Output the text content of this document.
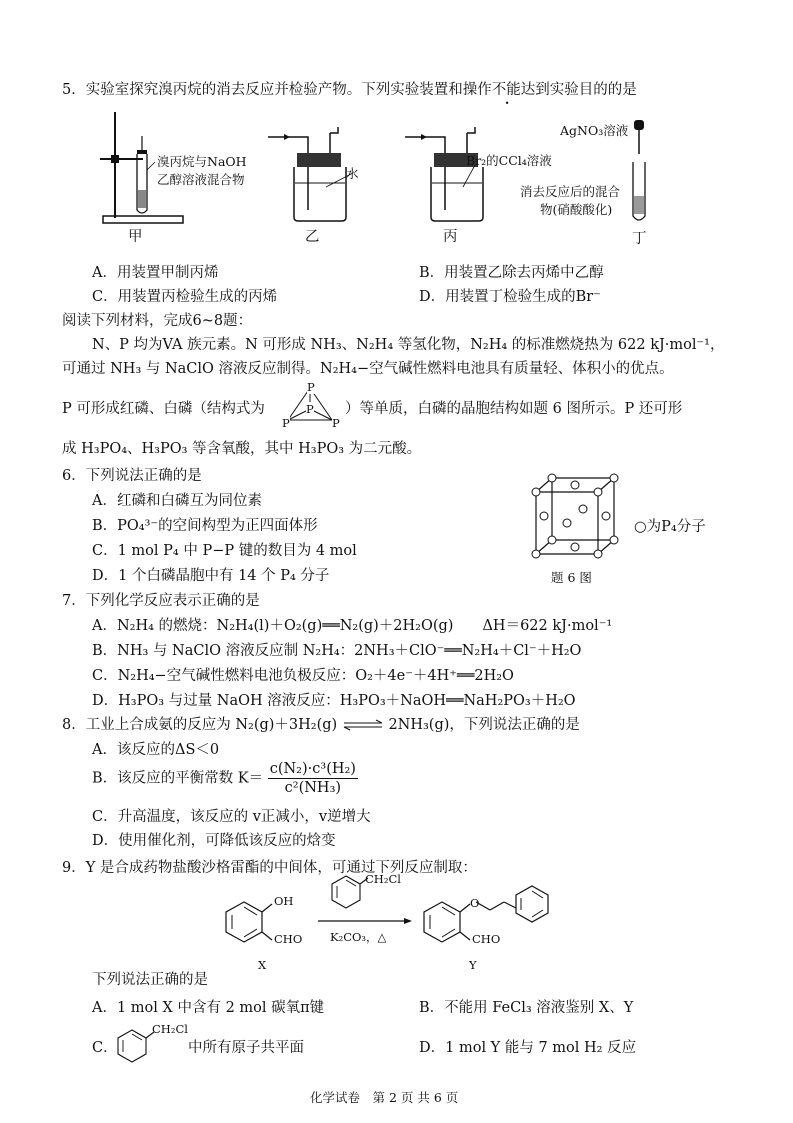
5．实验室探究溴丙烷的消去反应并检验产物。下列实验装置和操作不能达到实验目的的是
溴丙烷与NaOH
乙醇溶液混合物	水
Br₂的CCl₄溶液
AgNO₃溶液
消去反应后的混合
物(硝酸酸化)
甲	乙	丙	丁
A．用装置甲制丙烯	B．用装置乙除去丙烯中乙醇
C．用装置丙检验生成的丙烯	D．用装置丁检验生成的Br⁻
阅读下列材料，完成6~8题：
N、P 均为VA 族元素。N 可形成 NH₃、N₂H₄ 等氢化物，N₂H₄ 的标准燃烧热为 622 kJ·mol⁻¹，
可通过 NH₃ 与 NaClO 溶液反应制得。N₂H₄−空气碱性燃料电池具有质量轻、体积小的优点。
P 可形成红磷、白磷（结构式为
P
P
P	P
）等单质，白磷的晶胞结构如题 6 图所示。P 还可形
成 H₃PO₄、H₃PO₃ 等含氧酸，其中 H₃PO₃ 为二元酸。
6．下列说法正确的是
A．红磷和白磷互为同位素
B．PO₄³⁻的空间构型为正四面体形
C．1 mol P₄ 中 P−P 键的数目为 4 mol
D．1 个白磷晶胞中有 14 个 P₄ 分子
○为P₄分子
题 6 图
7．下列化学反应表示正确的是
A．N₂H₄ 的燃烧：N₂H₄(l)＋O₂(g)══N₂(g)＋2H₂O(g)　　ΔH＝622 kJ·mol⁻¹
B．NH₃ 与 NaClO 溶液反应制 N₂H₄：2NH₃＋ClO⁻══N₂H₄＋Cl⁻＋H₂O
C．N₂H₄−空气碱性燃料电池负极反应：O₂＋4e⁻＋4H⁺══2H₂O
D．H₃PO₃ 与过量 NaOH 溶液反应：H₃PO₃＋NaOH══NaH₂PO₃＋H₂O
8．工业上合成氨的反应为 N₂(g)＋3H₂(g) ⇌ 2NH₃(g)，下列说法正确的是
A．该反应的ΔS＜0
B．该反应的平衡常数 $K= \frac{\text{c(N₂)·c³(H₂)}}{\text{c²(NH₃)}}$
C．升高温度，该反应的 v正减小，v逆增大
D．使用催化剂，可降低该反应的焓变
9．Y 是合成药物盐酸沙格雷酯的中间体，可通过下列反应制取：
OH
CHO
X
CH₂Cl
K₂CO₃，△
O
CHO
Y
下列说法正确的是
A．1 mol X 中含有 2 mol 碳氧π键	B．不能用 FeCl₃ 溶液鉴别 X、Y
C．
CH₂Cl
中所有原子共平面	D．1 mol Y 能与 7 mol H₂ 反应
化学试卷　第 2 页 共 6 页
